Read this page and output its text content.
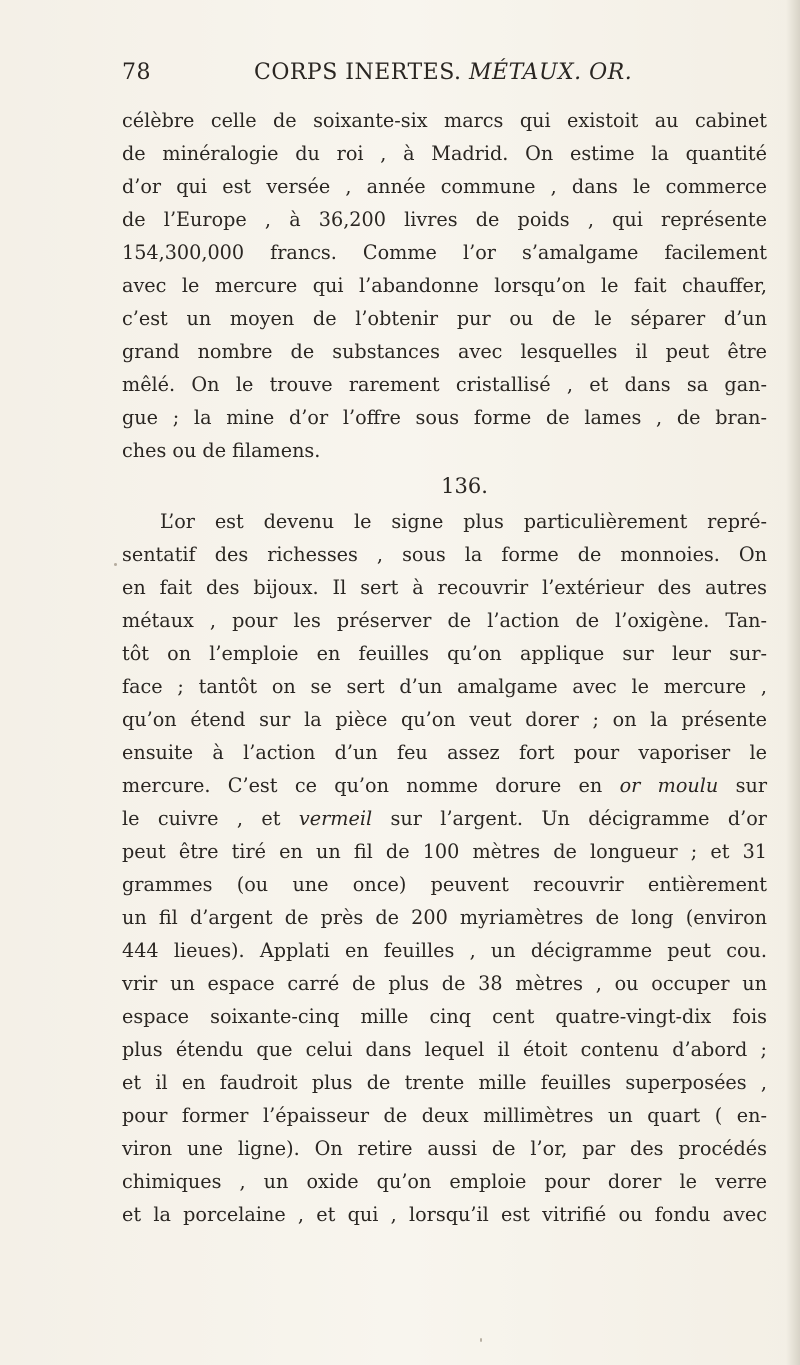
78	CORPS INERTES. MÉTAUX. OR.
célèbre celle de soixante-six marcs qui existoit au cabinet
de minéralogie du roi , à Madrid. On estime la quantité
d’or qui est versée , année commune , dans le commerce
de l’Europe , à 36,200 livres de poids , qui représente
154,300,000 francs. Comme l’or s’amalgame facilement
avec le mercure qui l’abandonne lorsqu’on le fait chauffer,
c’est un moyen de l’obtenir pur ou de le séparer d’un
grand nombre de substances avec lesquelles il peut être
mêlé. On le trouve rarement cristallisé , et dans sa gan-
gue ; la mine d’or l’offre sous forme de lames , de bran-
ches ou de filamens.
136.
L’or est devenu le signe plus particulièrement repré-
sentatif des richesses , sous la forme de monnoies. On
en fait des bijoux. Il sert à recouvrir l’extérieur des autres
métaux , pour les préserver de l’action de l’oxigène. Tan-
tôt on l’emploie en feuilles qu’on applique sur leur sur-
face ; tantôt on se sert d’un amalgame avec le mercure ,
qu’on étend sur la pièce qu’on veut dorer ; on la présente
ensuite à l’action d’un feu assez fort pour vaporiser le
mercure. C’est ce qu’on nomme dorure en or moulu sur
le cuivre , et vermeil sur l’argent. Un décigramme d’or
peut être tiré en un fil de 100 mètres de longueur ; et 31
grammes (ou une once) peuvent recouvrir entièrement
un fil d’argent de près de 200 myriamètres de long (environ
444 lieues). Applati en feuilles , un décigramme peut cou.
vrir un espace carré de plus de 38 mètres , ou occuper un
espace soixante-cinq mille cinq cent quatre-vingt-dix fois
plus étendu que celui dans lequel il étoit contenu d’abord ;
et il en faudroit plus de trente mille feuilles superposées ,
pour former l’épaisseur de deux millimètres un quart ( en-
viron une ligne). On retire aussi de l’or, par des procédés
chimiques , un oxide qu’on emploie pour dorer le verre
et la porcelaine , et qui , lorsqu’il est vitrifié ou fondu avec
